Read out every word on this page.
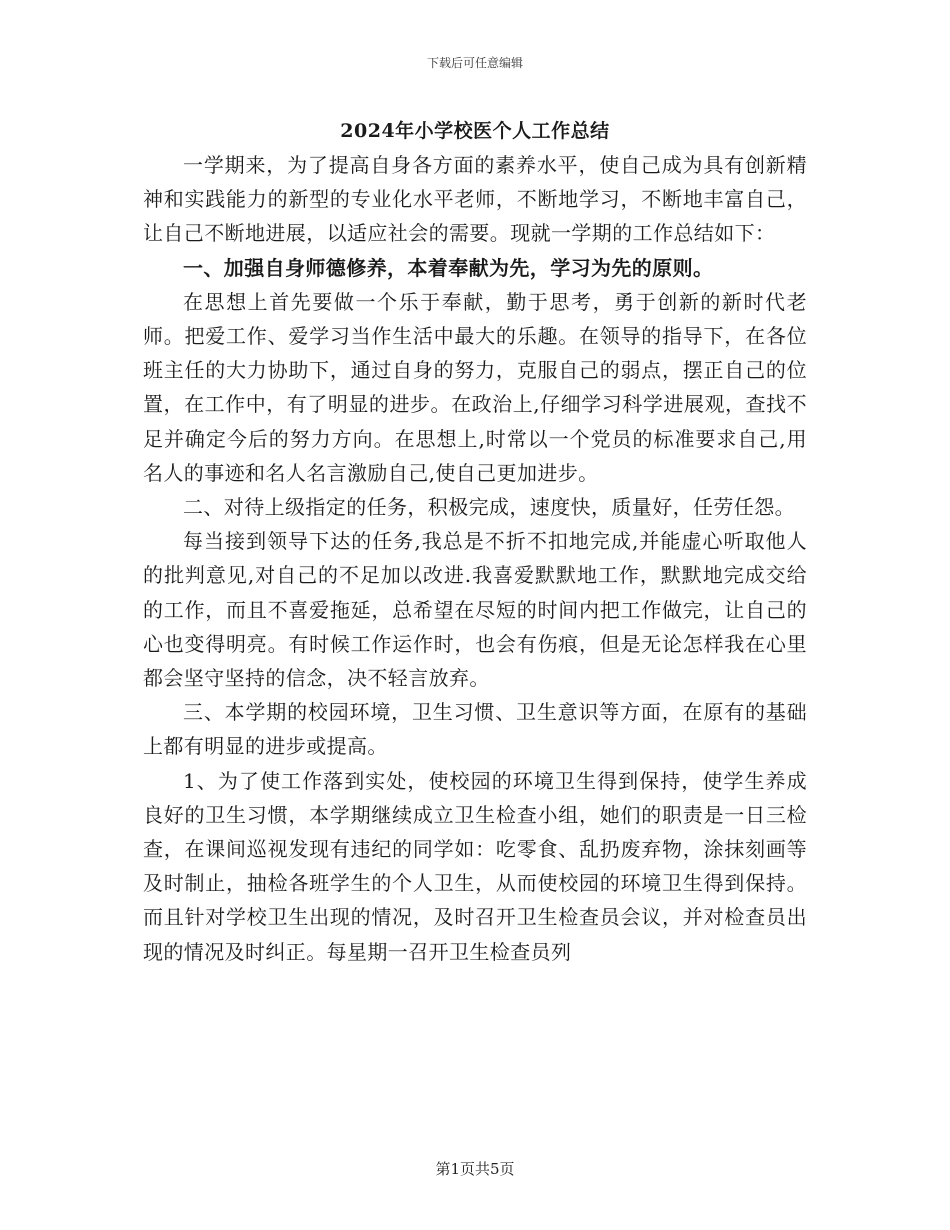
下载后可任意编辑
2024年小学校医个人工作总结

一学期来，为了提高自身各方面的素养水平，使自己成为具有创新精神和实践能力的新型的专业化水平老师，不断地学习，不断地丰富自己，让自己不断地进展，以适应社会的需要。现就一学期的工作总结如下：

一、加强自身师德修养，本着奉献为先，学习为先的原则。

在思想上首先要做一个乐于奉献，勤于思考，勇于创新的新时代老师。把爱工作、爱学习当作生活中最大的乐趣。在领导的指导下，在各位班主任的大力协助下，通过自身的努力，克服自己的弱点，摆正自己的位置，在工作中，有了明显的进步。在政治上,仔细学习科学进展观，查找不足并确定今后的努力方向。在思想上,时常以一个党员的标准要求自己,用名人的事迹和名人名言激励自己,使自己更加进步。

二、对待上级指定的任务，积极完成，速度快，质量好，任劳任怨。

每当接到领导下达的任务,我总是不折不扣地完成,并能虚心听取他人的批判意见,对自己的不足加以改进.我喜爱默默地工作，默默地完成交给的工作，而且不喜爱拖延，总希望在尽短的时间内把工作做完，让自己的心也变得明亮。有时候工作运作时，也会有伤痕，但是无论怎样我在心里都会坚守坚持的信念，决不轻言放弃。

三、本学期的校园环境，卫生习惯、卫生意识等方面，在原有的基础上都有明显的进步或提高。

1、为了使工作落到实处，使校园的环境卫生得到保持，使学生养成良好的卫生习惯，本学期继续成立卫生检查小组，她们的职责是一日三检查，在课间巡视发现有违纪的同学如：吃零食、乱扔废弃物，涂抹刻画等及时制止，抽检各班学生的个人卫生，从而使校园的环境卫生得到保持。而且针对学校卫生出现的情况，及时召开卫生检查员会议，并对检查员出现的情况及时纠正。每星期一召开卫生检查员列

第1页共5页
